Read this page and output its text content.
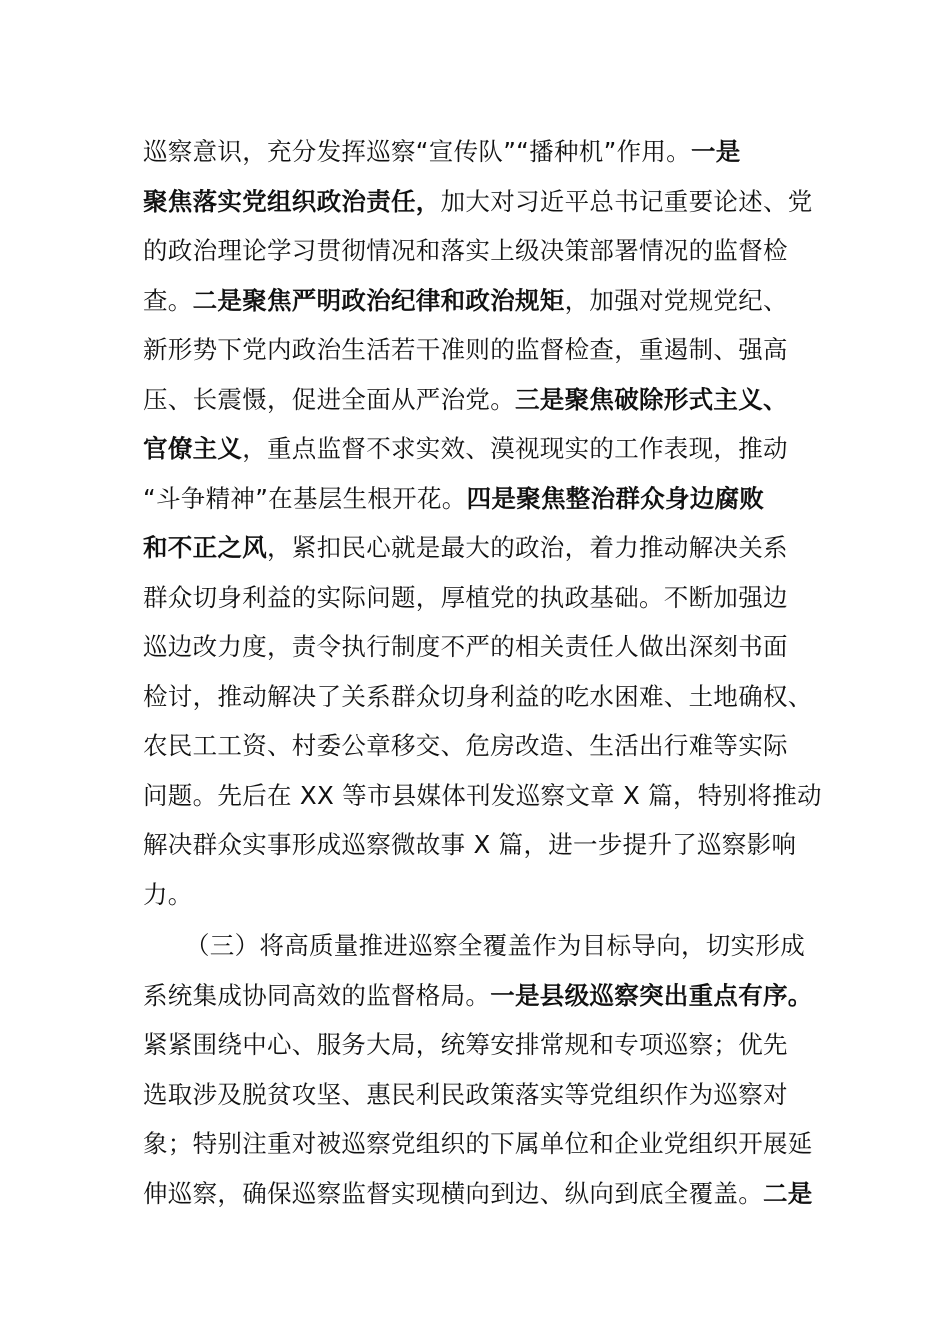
巡察意识，充分发挥巡察“宣传队”“播种机”作用。一是
聚焦落实党组织政治责任，加大对习近平总书记重要论述、党
的政治理论学习贯彻情况和落实上级决策部署情况的监督检
查。二是聚焦严明政治纪律和政治规矩，加强对党规党纪、
新形势下党内政治生活若干准则的监督检查，重遏制、强高
压、长震慑，促进全面从严治党。三是聚焦破除形式主义、
官僚主义，重点监督不求实效、漠视现实的工作表现，推动
“斗争精神”在基层生根开花。四是聚焦整治群众身边腐败
和不正之风，紧扣民心就是最大的政治，着力推动解决关系
群众切身利益的实际问题，厚植党的执政基础。不断加强边
巡边改力度，责令执行制度不严的相关责任人做出深刻书面
检讨，推动解决了关系群众切身利益的吃水困难、土地确权、
农民工工资、村委公章移交、危房改造、生活出行难等实际
问题。先后在 XX 等市县媒体刊发巡察文章 X 篇，特别将推动
解决群众实事形成巡察微故事 X 篇，进一步提升了巡察影响
力。
（三）将高质量推进巡察全覆盖作为目标导向，切实形成
系统集成协同高效的监督格局。一是县级巡察突出重点有序。
紧紧围绕中心、服务大局，统筹安排常规和专项巡察；优先
选取涉及脱贫攻坚、惠民利民政策落实等党组织作为巡察对
象；特别注重对被巡察党组织的下属单位和企业党组织开展延
伸巡察，确保巡察监督实现横向到边、纵向到底全覆盖。二是
